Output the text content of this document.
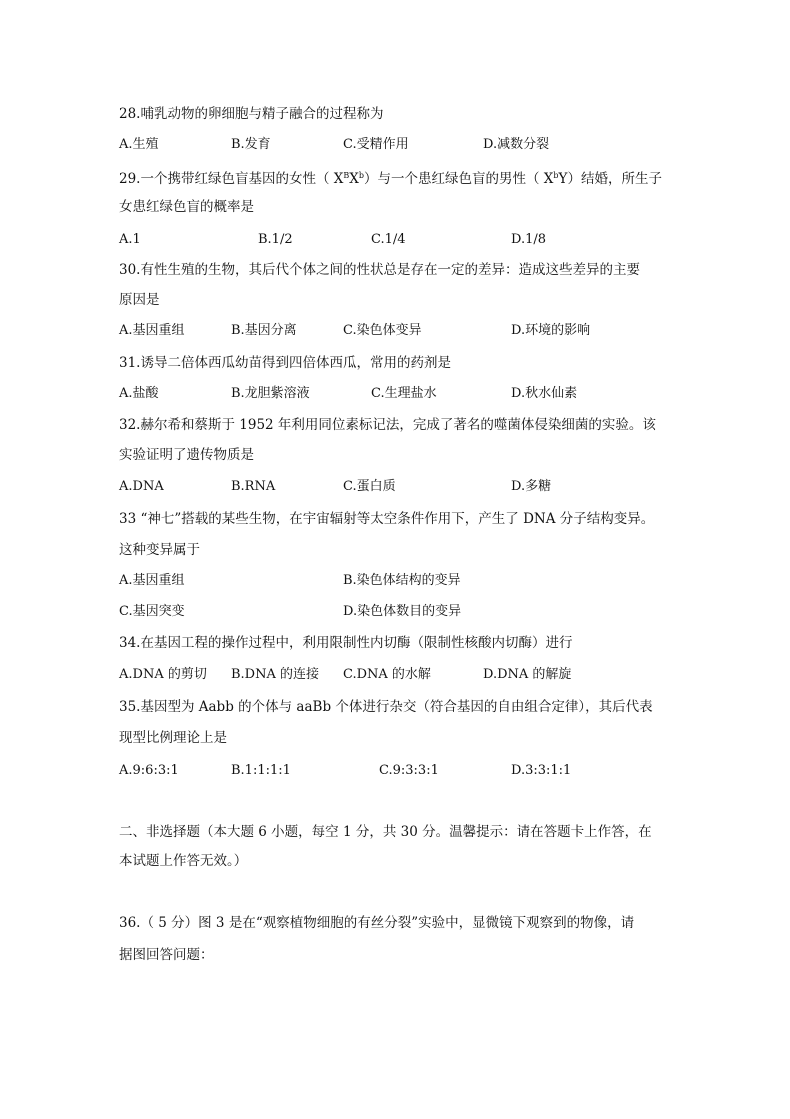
28.哺乳动物的卵细胞与精子融合的过程称为
A.生殖	B.发育	C.受精作用	D.减数分裂
29.一个携带红绿色盲基因的女性（ $X^BX^b$）与一个患红绿色盲的男性（ $X^bY$）结婚，所生子
女患红绿色盲的概率是
A.1	B.1/2	C.1/4	D.1/8
30.有性生殖的生物，其后代个体之间的性状总是存在一定的差异：造成这些差异的主要
原因是
A.基因重组	B.基因分离	C.染色体变异	D.环境的影响
31.诱导二倍体西瓜幼苗得到四倍体西瓜，常用的药剂是
A.盐酸	B.龙胆紫溶液	C.生理盐水	D.秋水仙素
32.赫尔希和蔡斯于 1952 年利用同位素标记法，完成了著名的噬菌体侵染细菌的实验。该
实验证明了遗传物质是
A.DNA	B.RNA	C.蛋白质	D.多糖
33 “神七”搭载的某些生物，在宇宙辐射等太空条件作用下，产生了 DNA 分子结构变异。
这种变异属于
A.基因重组	B.染色体结构的变异
C.基因突变	D.染色体数目的变异
34.在基因工程的操作过程中，利用限制性内切酶（限制性核酸内切酶）进行
A.DNA 的剪切 B.DNA 的连接 C.DNA 的水解	D.DNA 的解旋
35.基因型为 Aabb 的个体与 aaBb 个体进行杂交（符合基因的自由组合定律），其后代表
现型比例理论上是
A.9:6:3:1	B.1:1:1:1	C.9:3:3:1	D.3:3:1:1
二、非选择题（本大题 6 小题，每空 1 分，共 30 分。温馨提示：请在答题卡上作答，在
本试题上作答无效。）
36.（ 5 分）图 3 是在“观察植物细胞的有丝分裂”实验中，显微镜下观察到的物像，请
据图回答问题：
